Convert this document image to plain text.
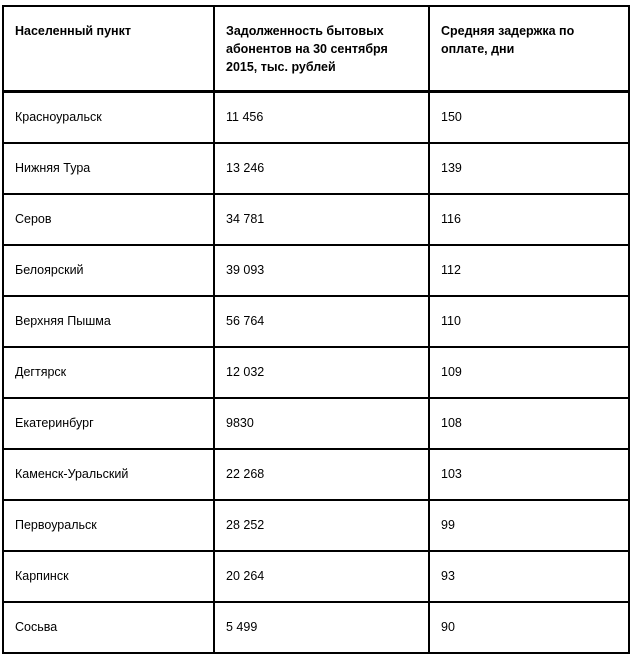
Населенный пункт	Задолженность бытовых абонентов на 30 сентября 2015, тыс. рублей	Средняя задержка по оплате, дни
Красноуральск	11 456	150
Нижняя Тура	13 246	139
Серов	34 781	116
Белоярский	39 093	112
Верхняя Пышма	56 764	110
Дегтярск	12 032	109
Екатеринбург	9830	108
Каменск-Уральский	22 268	103
Первоуральск	28 252	99
Карпинск	20 264	93
Сосьва	5 499	90
